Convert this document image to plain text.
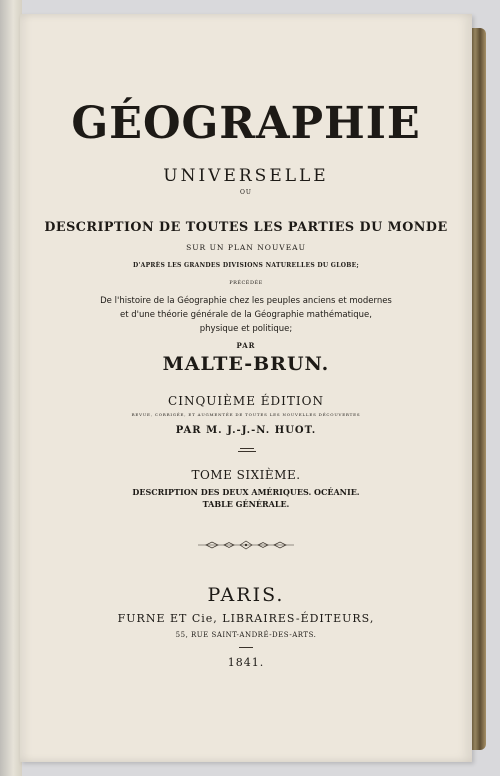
GÉOGRAPHIE
UNIVERSELLE
OU
DESCRIPTION DE TOUTES LES PARTIES DU MONDE
SUR UN PLAN NOUVEAU
D'APRÈS LES GRANDES DIVISIONS NATURELLES DU GLOBE;
PRÉCÉDÉE
De l'histoire de la Géographie chez les peuples anciens et modernes
et d'une théorie générale de la Géographie mathématique,
physique et politique;
PAR
MALTE-BRUN.
CINQUIÈME ÉDITION
REVUE, CORRIGÉE, ET AUGMENTÉE DE TOUTES LES NOUVELLES DÉCOUVERTES
PAR M. J.-J.-N. HUOT.
TOME SIXIÈME.
DESCRIPTION DES DEUX AMÉRIQUES. OCÉANIE.
TABLE GÉNÉRALE.
PARIS.
FURNE ET Cie, LIBRAIRES-ÉDITEURS,
55, RUE SAINT-ANDRÉ-DES-ARTS.
1841.
